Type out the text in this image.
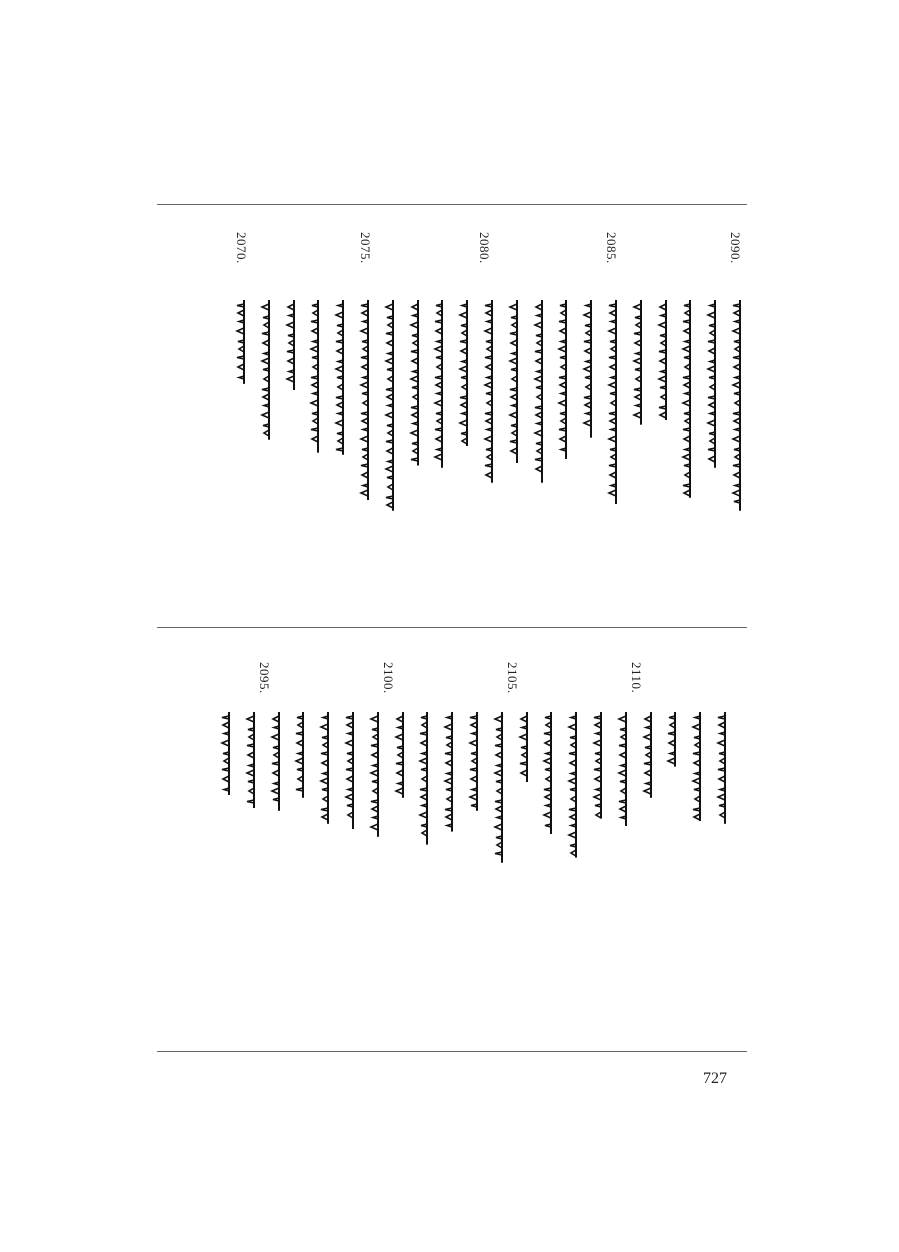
2090.
2085.
2080.
2075.
2070.
2110.
2105.
2100.
2095.
727
